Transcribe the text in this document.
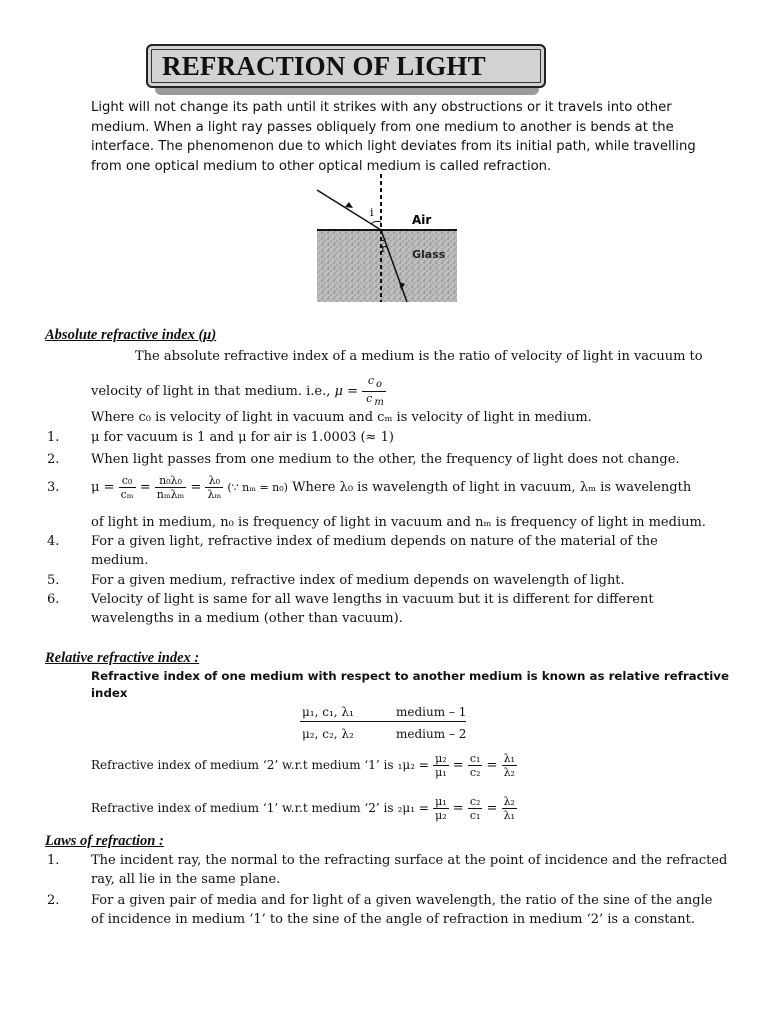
REFRACTION OF LIGHT

Light will not change its path until it strikes with any obstructions or it travels into other

medium. When a light ray passes obliquely from one medium to another is bends at the

interface. The phenomenon due to which light deviates from its initial path, while travelling

from one optical medium to other optical medium is called refraction.

i
r
Air
Glass
Absolute refractive index (μ)
The absolute refractive index of a medium is the ratio of velocity of light in vacuum to
velocity of light in that medium. i.e., $\mu = \frac{c _o}{c _m}$
Where c₀ is velocity of light in vacuum and cₘ is velocity of light in medium.
1. μ for vacuum is 1 and μ for air is 1.0003 (≈ 1)
2. When light passes from one medium to the other, the frequency of light does not change.
3. $\mu = \frac{\text{c₀}}{\text{cₘ}} = \frac{\text{n₀λ₀}}{\text{nₘλₘ}} = \frac{\text{λ₀}}{\text{λₘ}}$ (∵ nₘ = n₀) Where λ₀ is wavelength of light in vacuum, λₘ is wavelength
of light in medium, n₀ is frequency of light in vacuum and nₘ is frequency of light in medium.
4. For a given light, refractive index of medium depends on nature of the material of the
medium.
5. For a given medium, refractive index of medium depends on wavelength of light.
6. Velocity of light is same for all wave lengths in vacuum but it is different for different
wavelengths in a medium (other than vacuum).
Relative refractive index :
Refractive index of one medium with respect to another medium is known as relative refractive
index
μ₁, c₁, λ₁	medium – 1
μ₂, c₂, λ₂	medium – 2
Refractive index of medium ‘2’ w.r.t medium ‘1’ is $_1\mu_2 = \frac{\text{μ₂}}{\text{μ₁}} = \frac{\text{c₁}}{\text{c₂}} = \frac{\text{λ₁}}{\text{λ₂}}$
Refractive index of medium ‘1’ w.r.t medium ‘2’ is $_2\mu_1 = \frac{\text{μ₁}}{\text{μ₂}} = \frac{\text{c₂}}{\text{c₁}} = \frac{\text{λ₂}}{\text{λ₁}}$
Laws of refraction :
1. The incident ray, the normal to the refracting surface at the point of incidence and the refracted
ray, all lie in the same plane.
2. For a given pair of media and for light of a given wavelength, the ratio of the sine of the angle
of incidence in medium ‘1’ to the sine of the angle of refraction in medium ‘2’ is a constant.
